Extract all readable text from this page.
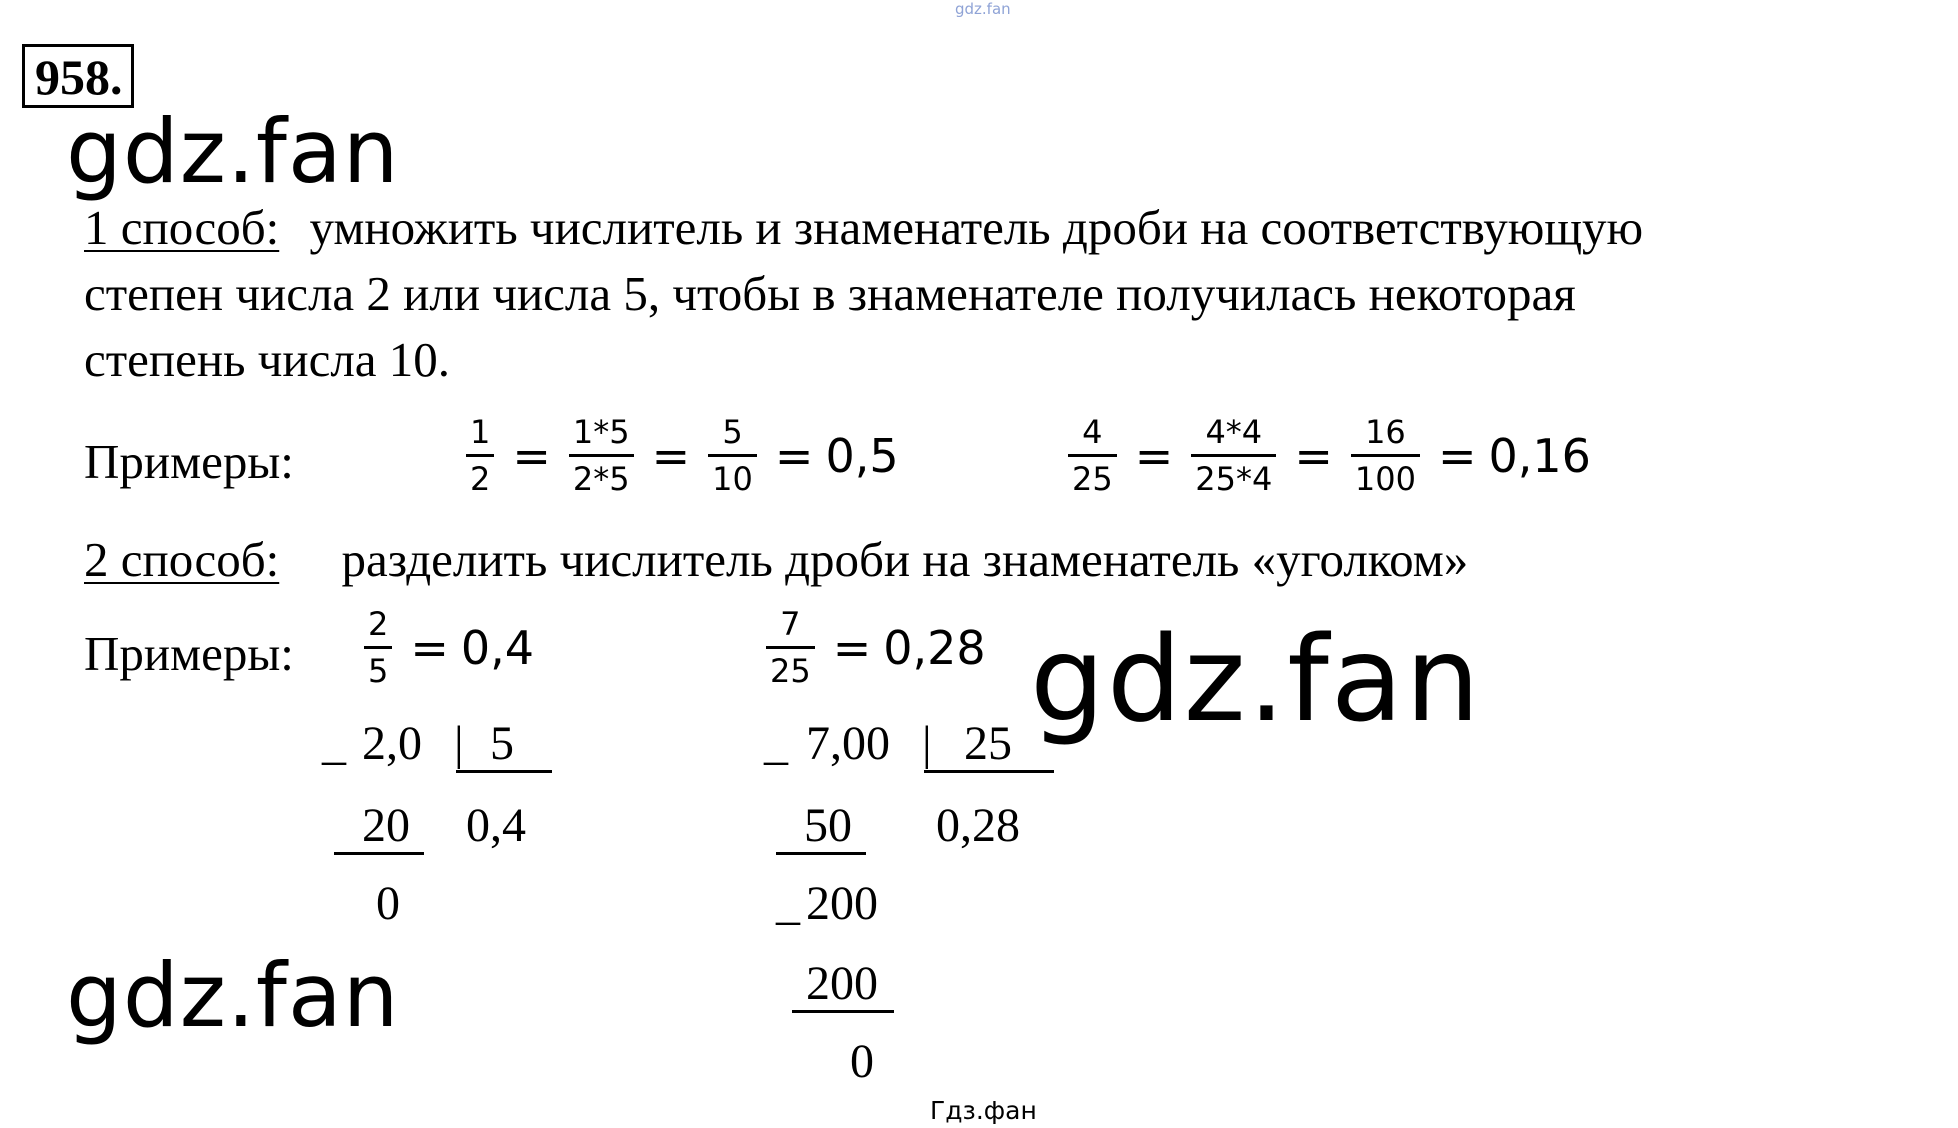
gdz.fan
958.
gdz.fan
1 способ: умножить числитель и знаменатель дроби на соответствующую
степен числа 2 или числа 5, чтобы в знаменателе получилась некоторая
степень числа 10.
Примеры:	$\frac{1}{2} = \frac{1*5}{2*5} = \frac{5}{10} = 0,5$	$\frac{4}{25} = \frac{4*4}{25*4} = \frac{16}{100} = 0,16$
2 способ: разделить числитель дроби на знаменатель «уголком»
Примеры: $\frac{2}{5} = 0,4$	$\frac{7}{25} = 0,28$ gdz.fan
_ 2,0 | 5
20 0,4
0
_ 7,00 | 25
50 0,28
_ 200
200
0
gdz.fan
Гдз.фан
